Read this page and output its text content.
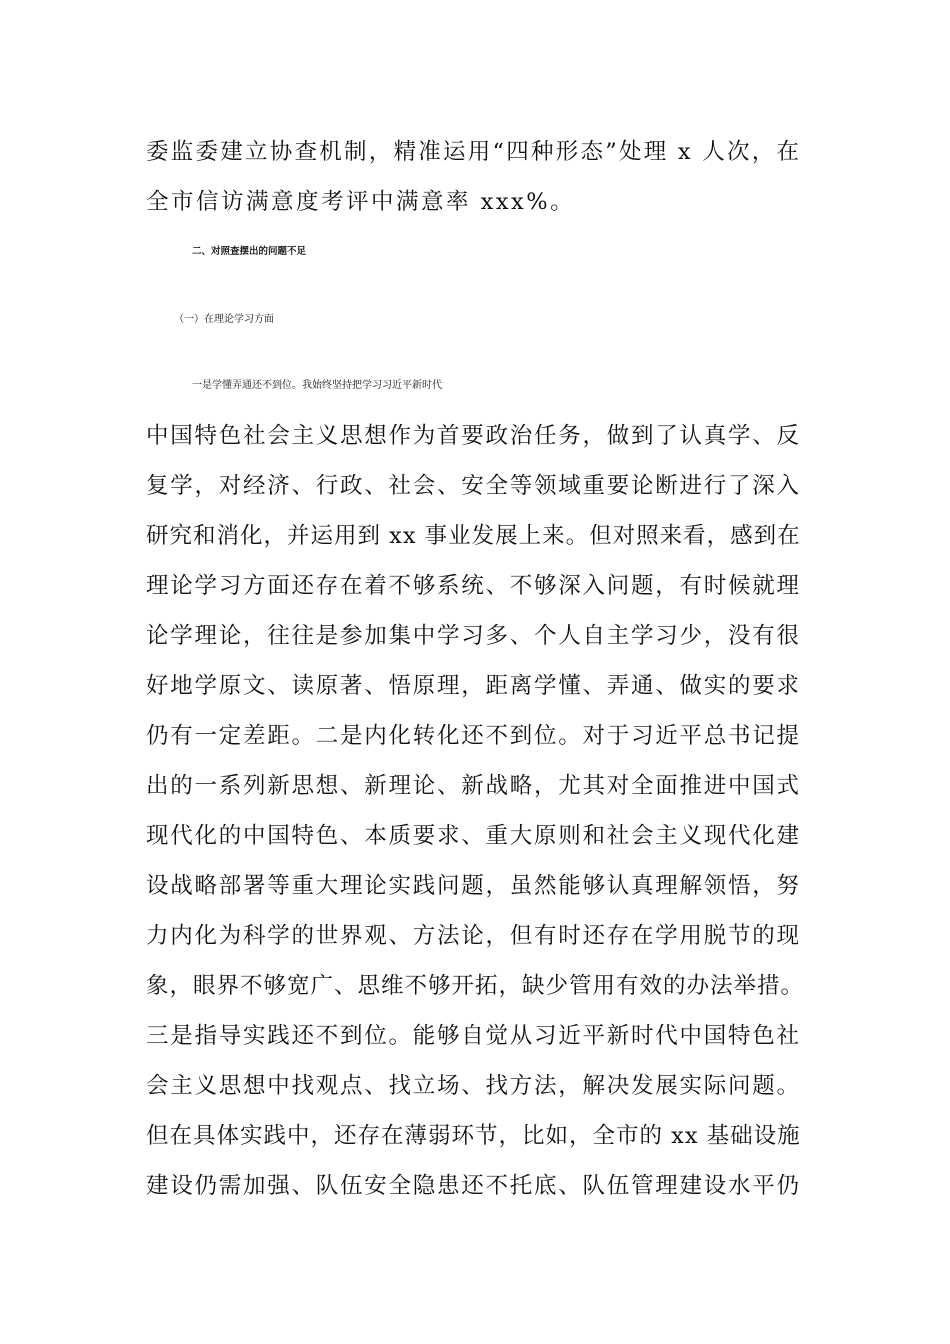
委监委建立协查机制，精准运用“四种形态”处理 x 人次，在
全市信访满意度考评中满意率 xxx%。
二、对照查摆出的问题不足
（一）在理论学习方面
一是学懂弄通还不到位。我始终坚持把学习习近平新时代
中国特色社会主义思想作为首要政治任务，做到了认真学、反
复学，对经济、行政、社会、安全等领域重要论断进行了深入
研究和消化，并运用到 xx 事业发展上来。但对照来看，感到在
理论学习方面还存在着不够系统、不够深入问题，有时候就理
论学理论，往往是参加集中学习多、个人自主学习少，没有很
好地学原文、读原著、悟原理，距离学懂、弄通、做实的要求
仍有一定差距。二是内化转化还不到位。对于习近平总书记提
出的一系列新思想、新理论、新战略，尤其对全面推进中国式
现代化的中国特色、本质要求、重大原则和社会主义现代化建
设战略部署等重大理论实践问题，虽然能够认真理解领悟，努
力内化为科学的世界观、方法论，但有时还存在学用脱节的现
象，眼界不够宽广、思维不够开拓，缺少管用有效的办法举措。
三是指导实践还不到位。能够自觉从习近平新时代中国特色社
会主义思想中找观点、找立场、找方法，解决发展实际问题。
但在具体实践中，还存在薄弱环节，比如，全市的 xx 基础设施
建设仍需加强、队伍安全隐患还不托底、队伍管理建设水平仍
